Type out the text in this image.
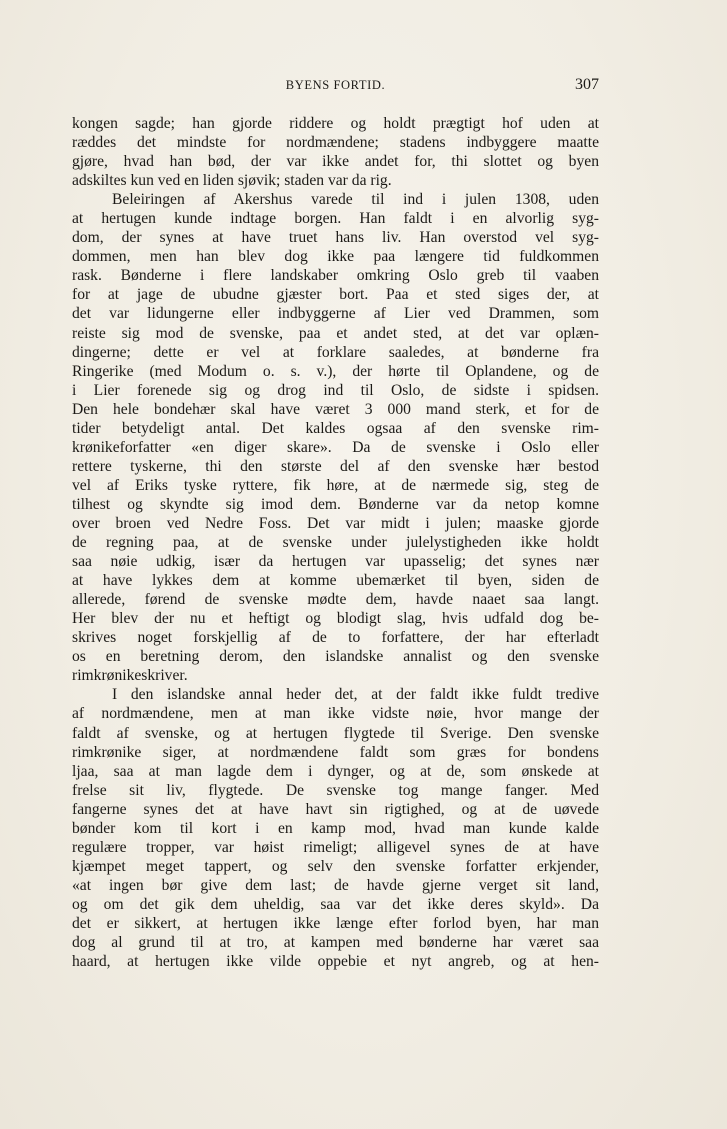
BYENS FORTID.	307
kongen sagde; han gjorde riddere og holdt prægtigt hof uden at
ræddes det mindste for nordmændene; stadens indbyggere maatte
gjøre, hvad han bød, der var ikke andet for, thi slottet og byen
adskiltes kun ved en liden sjøvik; staden var da rig.
Beleiringen af Akershus varede til ind i julen 1308, uden
at hertugen kunde indtage borgen. Han faldt i en alvorlig syg-
dom, der synes at have truet hans liv. Han overstod vel syg-
dommen, men han blev dog ikke paa længere tid fuldkommen
rask. Bønderne i flere landskaber omkring Oslo greb til vaaben
for at jage de ubudne gjæster bort. Paa et sted siges der, at
det var lidungerne eller indbyggerne af Lier ved Drammen, som
reiste sig mod de svenske, paa et andet sted, at det var oplæn-
dingerne; dette er vel at forklare saaledes, at bønderne fra
Ringerike (med Modum o. s. v.), der hørte til Oplandene, og de
i Lier forenede sig og drog ind til Oslo, de sidste i spidsen.
Den hele bondehær skal have været 3 000 mand sterk, et for de
tider betydeligt antal. Det kaldes ogsaa af den svenske rim-
krønikeforfatter «en diger skare». Da de svenske i Oslo eller
rettere tyskerne, thi den største del af den svenske hær bestod
vel af Eriks tyske ryttere, fik høre, at de nærmede sig, steg de
tilhest og skyndte sig imod dem. Bønderne var da netop komne
over broen ved Nedre Foss. Det var midt i julen; maaske gjorde
de regning paa, at de svenske under julelystigheden ikke holdt
saa nøie udkig, især da hertugen var upasselig; det synes nær
at have lykkes dem at komme ubemærket til byen, siden de
allerede, førend de svenske mødte dem, havde naaet saa langt.
Her blev der nu et heftigt og blodigt slag, hvis udfald dog be-
skrives noget forskjellig af de to forfattere, der har efterladt
os en beretning derom, den islandske annalist og den svenske
rimkrønikeskriver.
I den islandske annal heder det, at der faldt ikke fuldt tredive
af nordmændene, men at man ikke vidste nøie, hvor mange der
faldt af svenske, og at hertugen flygtede til Sverige. Den svenske
rimkrønike siger, at nordmændene faldt som græs for bondens
ljaa, saa at man lagde dem i dynger, og at de, som ønskede at
frelse sit liv, flygtede. De svenske tog mange fanger. Med
fangerne synes det at have havt sin rigtighed, og at de uøvede
bønder kom til kort i en kamp mod, hvad man kunde kalde
regulære tropper, var høist rimeligt; alligevel synes de at have
kjæmpet meget tappert, og selv den svenske forfatter erkjender,
«at ingen bør give dem last; de havde gjerne verget sit land,
og om det gik dem uheldig, saa var det ikke deres skyld». Da
det er sikkert, at hertugen ikke længe efter forlod byen, har man
dog al grund til at tro, at kampen med bønderne har været saa
haard, at hertugen ikke vilde oppebie et nyt angreb, og at hen-
